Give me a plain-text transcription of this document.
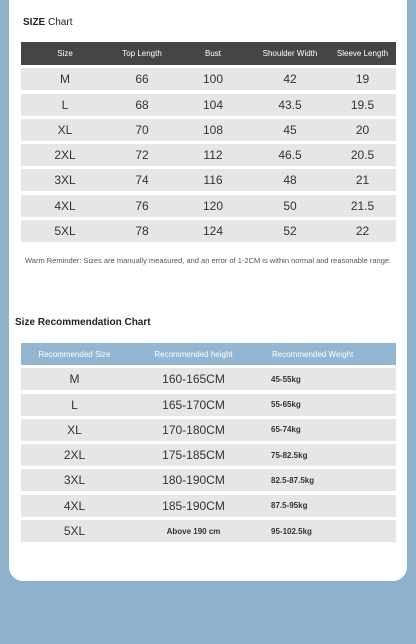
SIZE Chart
Size	Top Length	Bust	Shoulder Width	Sleeve Length
M	66	100	42	19
L	68	104	43.5	19.5
XL	70	108	45	20
2XL	72	112	46.5	20.5
3XL	74	116	48	21
4XL	76	120	50	21.5
5XL	78	124	52	22
Warm Reminder: Sizes are manually measured, and an error of 1-2CM is within normal and reasonable range.
Size Recommendation Chart
Recommended Size	Recommended height	Recommended Weight
M	160-165CM	45-55kg
L	165-170CM	55-65kg
XL	170-180CM	65-74kg
2XL	175-185CM	75-82.5kg
3XL	180-190CM	82.5-87.5kg
4XL	185-190CM	87.5-95kg
5XL	Above 190 cm	95-102.5kg
